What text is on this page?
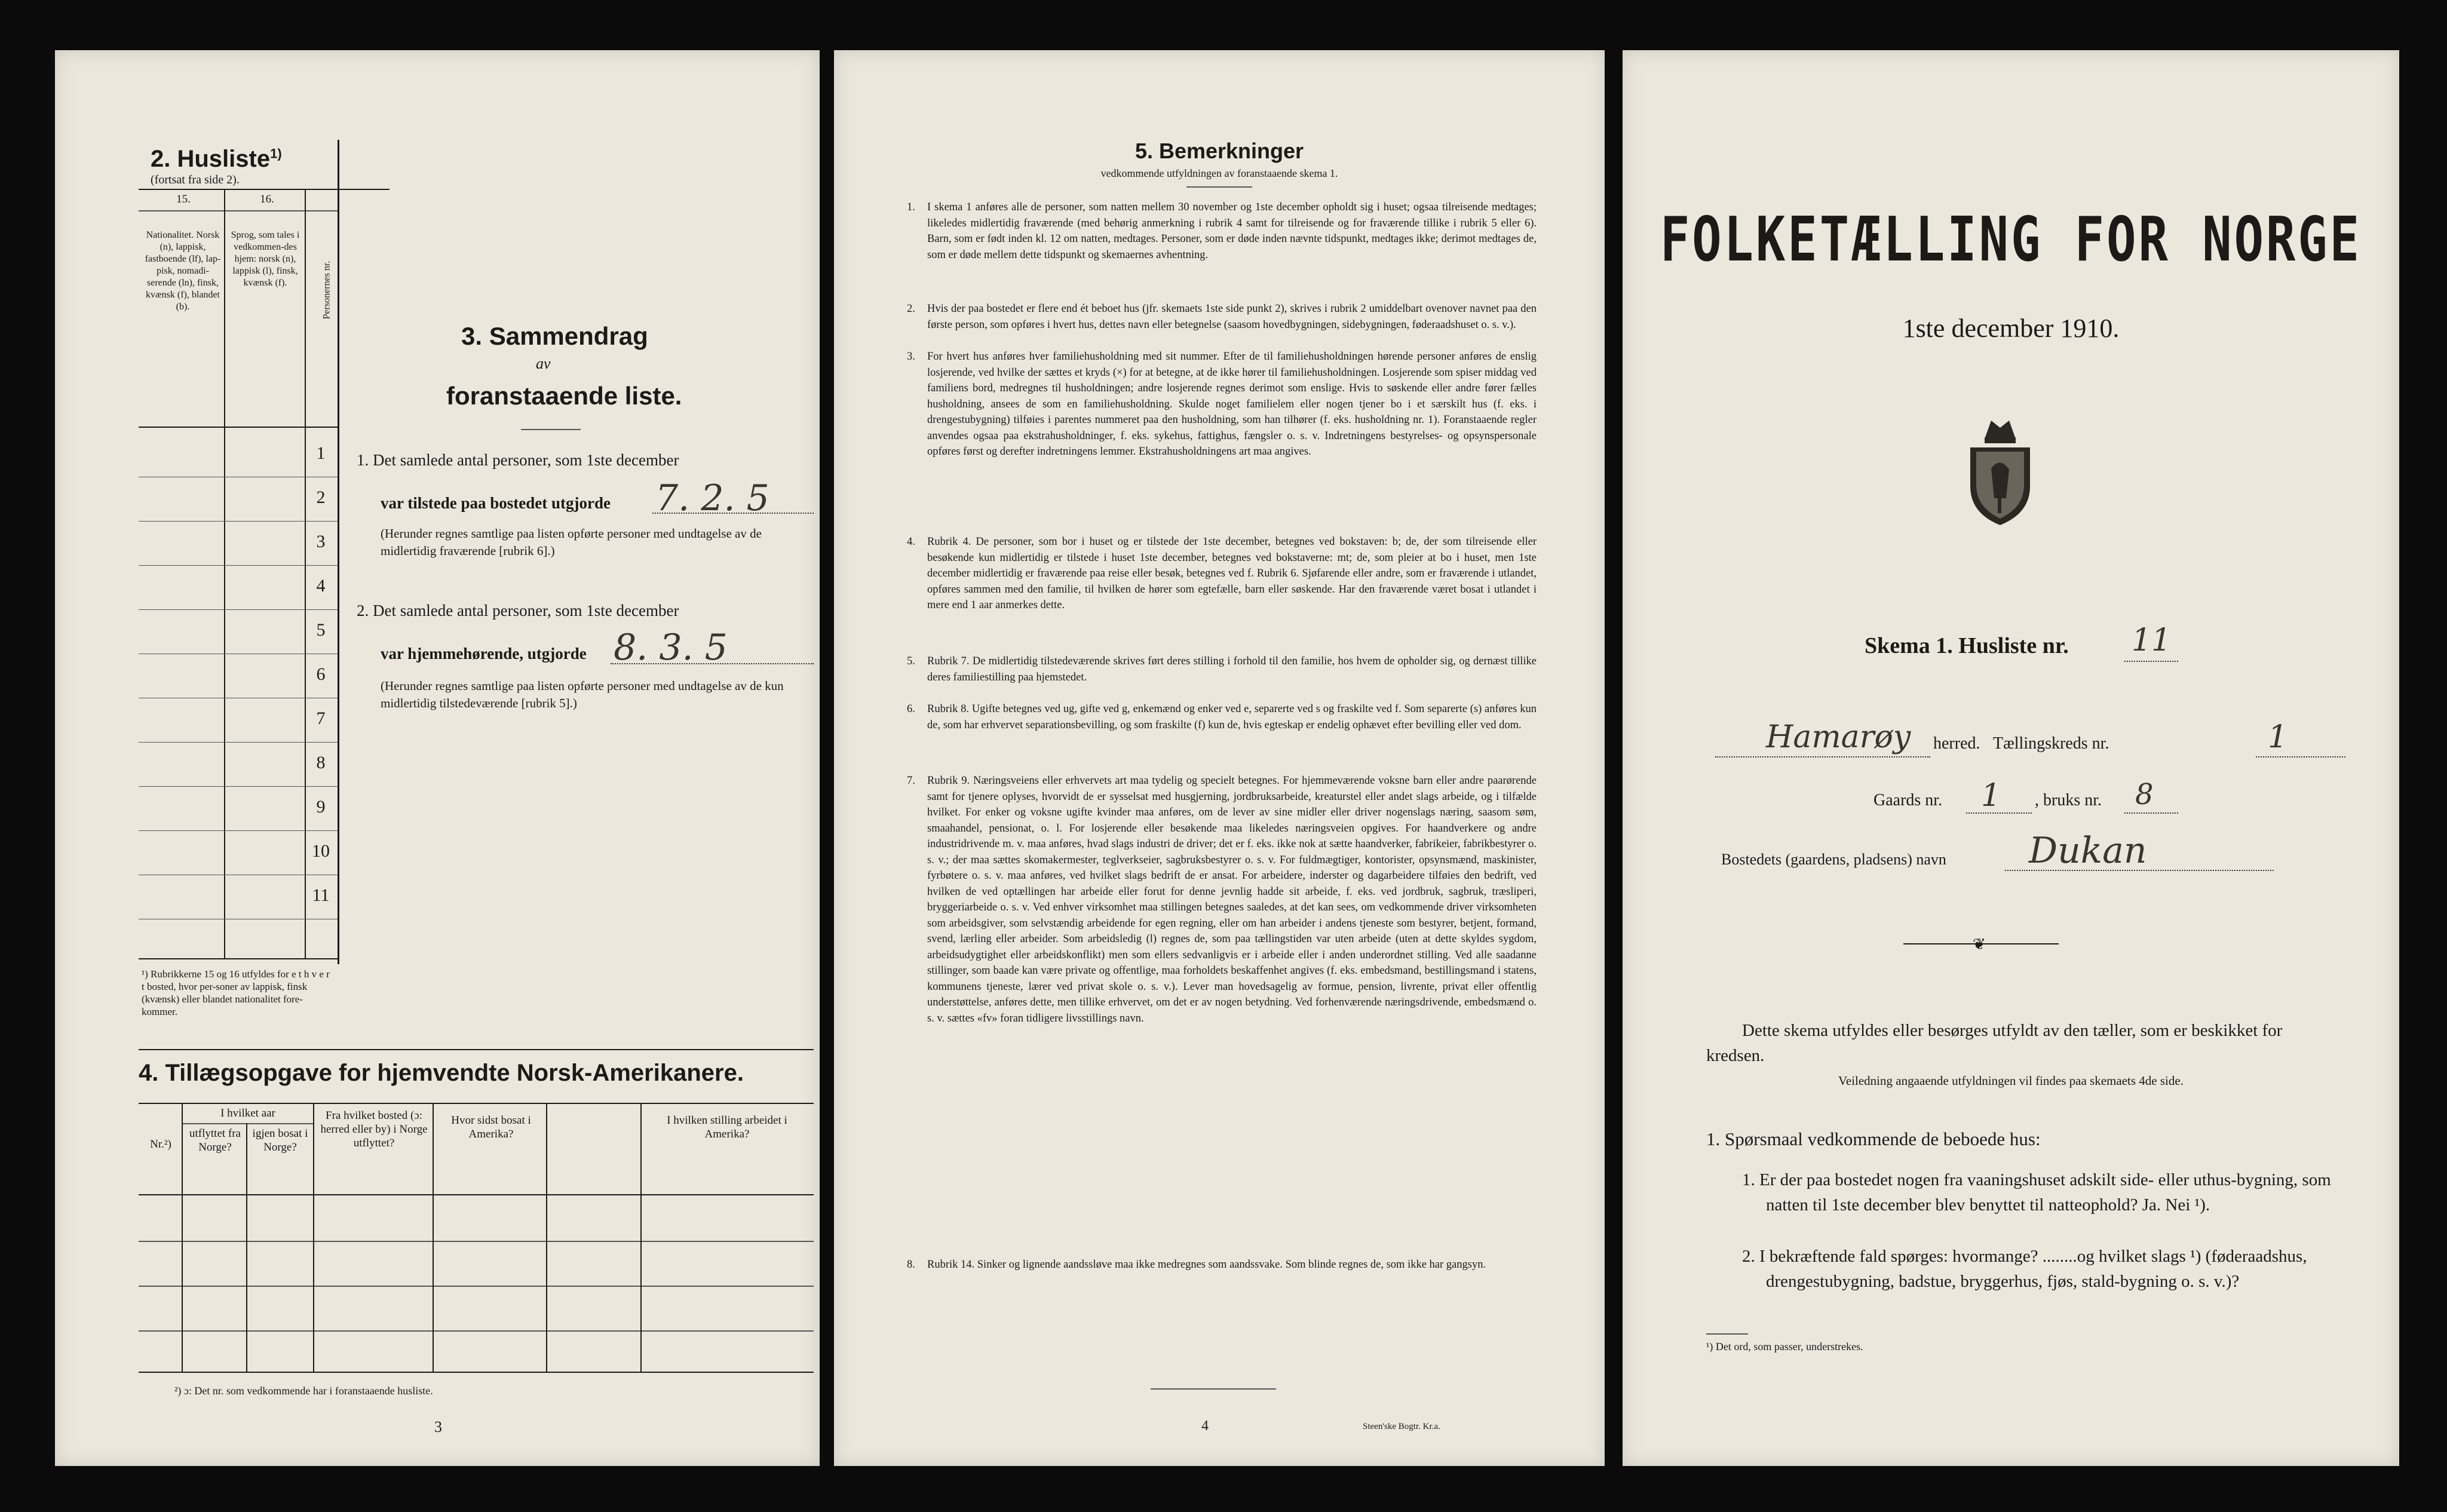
2. Husliste$^{1)}$
(fortsat fra side 2).
15.	16.
Nationalitet. Norsk (n), lappisk, fastboende (lf), lap-pisk, nomadi-serende (ln), finsk, kvænsk (f), blandet (b).
Sprog, som tales i vedkommen-des hjem: norsk (n), lappisk (l), finsk, kvænsk (f).	Personernes nr.
1
2
3
4
5
6
7
8
9
10
11
¹) Rubrikkerne 15 og 16 utfyldes for e t h v e r t bosted, hvor per-soner av lappisk, finsk (kvænsk) eller blandet nationalitet fore-kommer.
3. Sammendrag
av
foranstaaende liste.
1. Det samlede antal personer, som 1ste december
var tilstede paa bostedet utgjorde 7. 2. 5
(Herunder regnes samtlige paa listen opførte personer med undtagelse av de midlertidig fraværende [rubrik 6].)
2. Det samlede antal personer, som 1ste december
var hjemmehørende, utgjorde 8. 3. 5
(Herunder regnes samtlige paa listen opførte personer med undtagelse av de kun midlertidig tilstedeværende [rubrik 5].)
4. Tillægsopgave for hjemvendte Norsk-Amerikanere.
Nr.²)
I hvilket aar
utflyttet fra Norge?
igjen bosat i Norge?
Fra hvilket bosted (ɔ: herred eller by) i Norge utflyttet?
Hvor sidst bosat i Amerika?
I hvilken stilling arbeidet i Amerika?
²) ɔ: Det nr. som vedkommende har i foranstaaende husliste.
3
5. Bemerkninger
vedkommende utfyldningen av foranstaaende skema 1.
1. I skema 1 anføres alle de personer, som natten mellem 30 november og 1ste december opholdt sig i huset; ogsaa tilreisende medtages; likeledes midlertidig fraværende (med behørig anmerkning i rubrik 4 samt for tilreisende og for fraværende tillike i rubrik 5 eller 6). Barn, som er født inden kl. 12 om natten, medtages. Personer, som er døde inden nævnte tidspunkt, medtages ikke; derimot medtages de, som er døde mellem dette tidspunkt og skemaernes avhentning.
2. Hvis der paa bostedet er flere end ét beboet hus (jfr. skemaets 1ste side punkt 2), skrives i rubrik 2 umiddelbart ovenover navnet paa den første person, som opføres i hvert hus, dettes navn eller betegnelse (saasom hovedbygningen, sidebygningen, føderaadshuset o. s. v.).
3. For hvert hus anføres hver familiehusholdning med sit nummer. Efter de til familiehusholdningen hørende personer anføres de enslig losjerende, ved hvilke der sættes et kryds (×) for at betegne, at de ikke hører til familiehusholdningen. Losjerende som spiser middag ved familiens bord, medregnes til husholdningen; andre losjerende regnes derimot som enslige. Hvis to søskende eller andre fører fælles husholdning, ansees de som en familiehusholdning. Skulde noget familielem eller nogen tjener bo i et særskilt hus (f. eks. i drengestubygning) tilføies i parentes nummeret paa den husholdning, som han tilhører (f. eks. husholdning nr. 1). Foranstaaende regler anvendes ogsaa paa ekstrahusholdninger, f. eks. sykehus, fattighus, fængsler o. s. v. Indretningens bestyrelses- og opsynspersonale opføres først og derefter indretningens lemmer. Ekstrahusholdningens art maa angives.
4. Rubrik 4. De personer, som bor i huset og er tilstede der 1ste december, betegnes ved bokstaven: b; de, der som tilreisende eller besøkende kun midlertidig er tilstede i huset 1ste december, betegnes ved bokstaverne: mt; de, som pleier at bo i huset, men 1ste december midlertidig er fraværende paa reise eller besøk, betegnes ved f. Rubrik 6. Sjøfarende eller andre, som er fraværende i utlandet, opføres sammen med den familie, til hvilken de hører som egtefælle, barn eller søskende. Har den fraværende været bosat i utlandet i mere end 1 aar anmerkes dette.
5. Rubrik 7. De midlertidig tilstedeværende skrives ført deres stilling i forhold til den familie, hos hvem de opholder sig, og dernæst tillike deres familiestilling paa hjemstedet.
6. Rubrik 8. Ugifte betegnes ved ug, gifte ved g, enkemænd og enker ved e, separerte ved s og fraskilte ved f. Som separerte (s) anføres kun de, som har erhvervet separationsbevilling, og som fraskilte (f) kun de, hvis egteskap er endelig ophævet efter bevilling eller ved dom.
7. Rubrik 9. Næringsveiens eller erhvervets art maa tydelig og specielt betegnes. For hjemmeværende voksne barn eller andre paarørende samt for tjenere oplyses, hvorvidt de er sysselsat med husgjerning, jordbruksarbeide, kreaturstel eller andet slags arbeide, og i tilfælde hvilket. For enker og voksne ugifte kvinder maa anføres, om de lever av sine midler eller driver nogenslags næring, saasom søm, smaahandel, pensionat, o. l. For losjerende eller besøkende maa likeledes næringsveien opgives. For haandverkere og andre industridrivende m. v. maa anføres, hvad slags industri de driver; det er f. eks. ikke nok at sætte haandverker, fabrikeier, fabrikbestyrer o. s. v.; der maa sættes skomakermester, teglverkseier, sagbruksbestyrer o. s. v. For fuldmægtiger, kontorister, opsynsmænd, maskinister, fyrbøtere o. s. v. maa anføres, ved hvilket slags bedrift de er ansat. For arbeidere, inderster og dagarbeidere tilføies den bedrift, ved hvilken de ved optællingen har arbeide eller forut for denne jevnlig hadde sit arbeide, f. eks. ved jordbruk, sagbruk, træsliperi, bryggeriarbeide o. s. v. Ved enhver virksomhet maa stillingen betegnes saaledes, at det kan sees, om vedkommende driver virksomheten som arbeidsgiver, som selvstændig arbeidende for egen regning, eller om han arbeider i andens tjeneste som bestyrer, betjent, formand, svend, lærling eller arbeider. Som arbeidsledig (l) regnes de, som paa tællingstiden var uten arbeide (uten at dette skyldes sygdom, arbeidsudygtighet eller arbeidskonflikt) men som ellers sedvanligvis er i arbeide eller i anden underordnet stilling. Ved alle saadanne stillinger, som baade kan være private og offentlige, maa forholdets beskaffenhet angives (f. eks. embedsmand, bestillingsmand i statens, kommunens tjeneste, lærer ved privat skole o. s. v.). Lever man hovedsagelig av formue, pension, livrente, privat eller offentlig understøttelse, anføres dette, men tillike erhvervet, om det er av nogen betydning. Ved forhenværende næringsdrivende, embedsmænd o. s. v. sættes «fv» foran tidligere livsstillings navn.
8. Rubrik 14. Sinker og lignende aandssløve maa ikke medregnes som aandssvake. Som blinde regnes de, som ikke har gangsyn.
4	Steen'ske Bogtr. Kr.a.
FOLKETÆLLING FOR NORGE
1ste december 1910.
Skema 1. Husliste nr. 11
Hamarøy herred. Tællingskreds nr.	1
Gaards nr. 1 , bruks nr. 8
Bostedets (gaardens, pladsens) navn Dukan
❦
Dette skema utfyldes eller besørges utfyldt av den tæller, som er beskikket for kredsen.
Veiledning angaaende utfyldningen vil findes paa skemaets 4de side.
1. Spørsmaal vedkommende de beboede hus:
1. Er der paa bostedet nogen fra vaaningshuset adskilt side- eller uthus-bygning, som natten til 1ste december blev benyttet til natteophold? Ja. Nei ¹).
2. I bekræftende fald spørges: hvormange? ........og hvilket slags ¹) (føderaadshus, drengestubygning, badstue, bryggerhus, fjøs, stald-bygning o. s. v.)?
¹) Det ord, som passer, understrekes.
